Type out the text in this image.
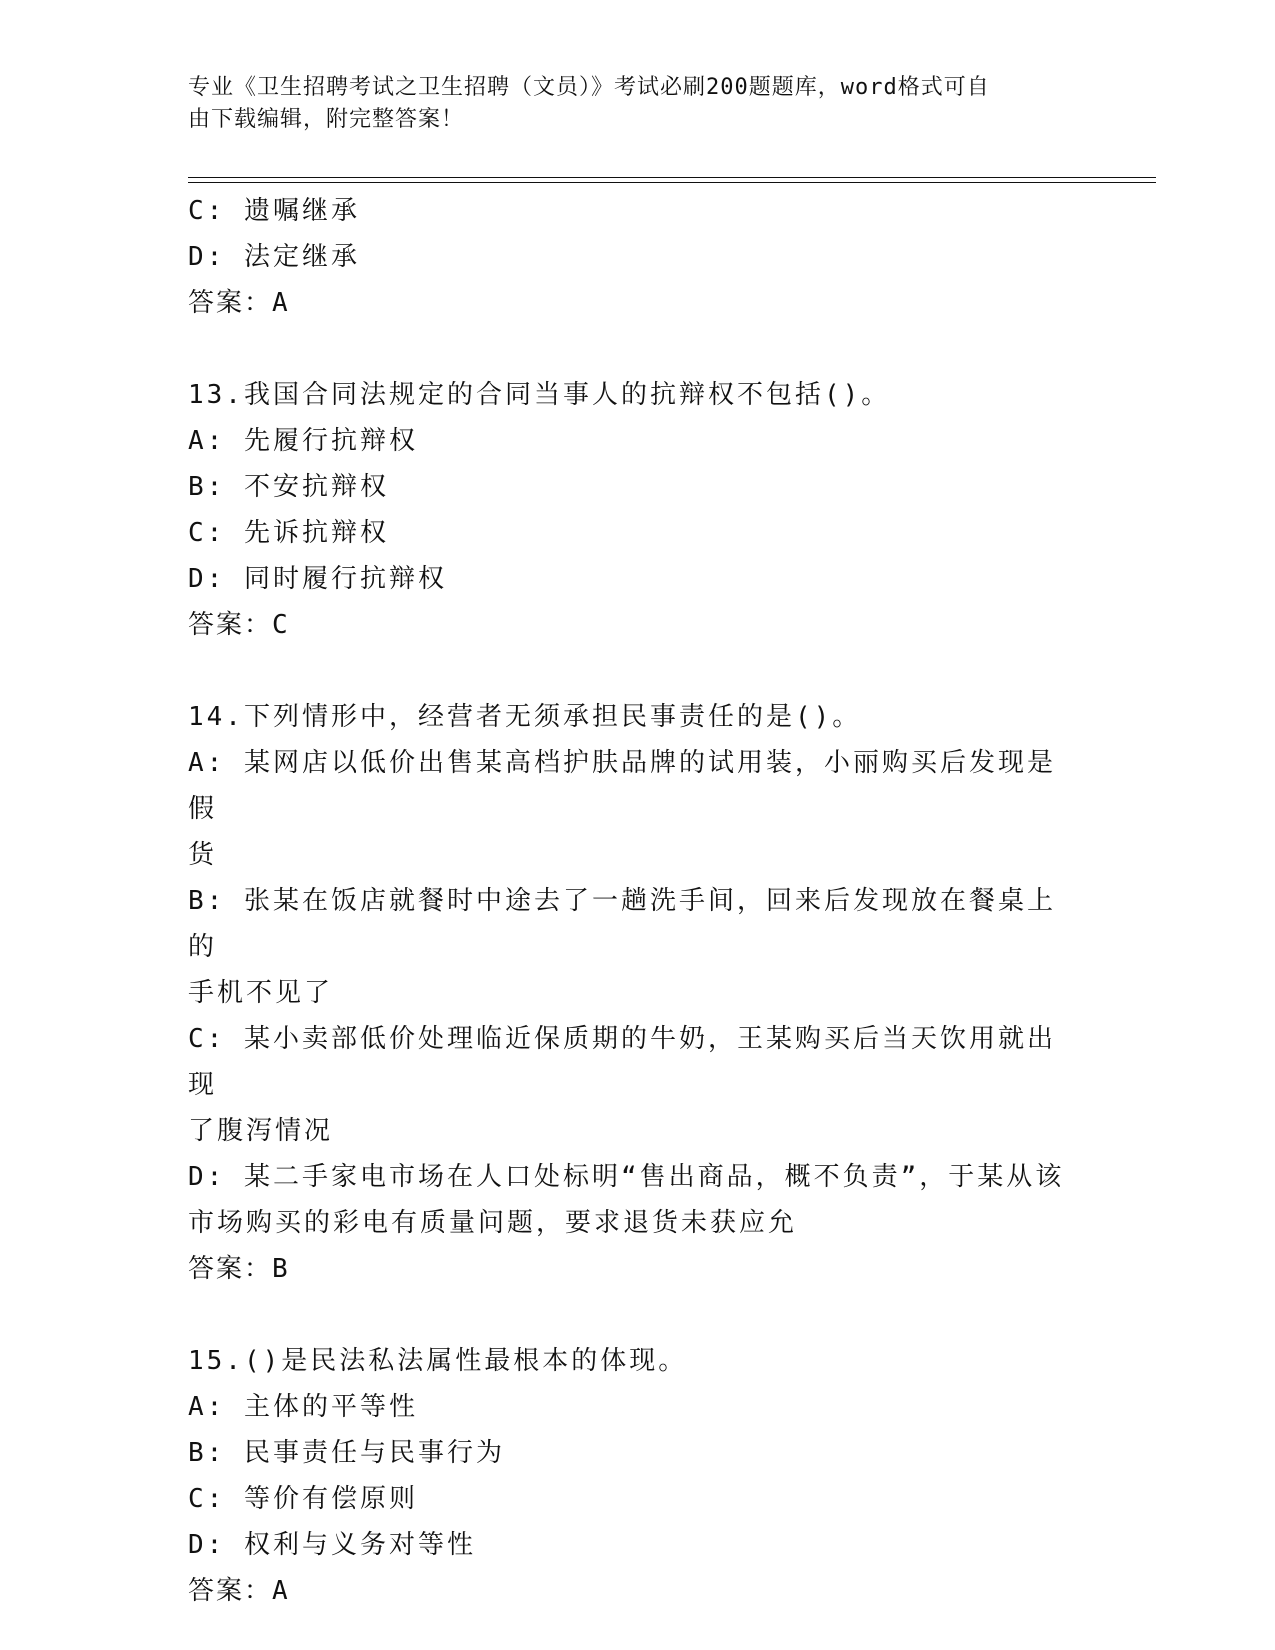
专业《卫生招聘考试之卫生招聘（文员）》考试必刷200题题库，word格式可自
由下载编辑，附完整答案！

C: 遗嘱继承

D: 法定继承

答案：A

13.我国合同法规定的合同当事人的抗辩权不包括()。

A: 先履行抗辩权

B: 不安抗辩权

C: 先诉抗辩权

D: 同时履行抗辩权

答案：C

14.下列情形中，经营者无须承担民事责任的是()。

A: 某网店以低价出售某高档护肤品牌的试用装，小丽购买后发现是假

货

B: 张某在饭店就餐时中途去了一趟洗手间，回来后发现放在餐桌上的

手机不见了

C: 某小卖部低价处理临近保质期的牛奶，王某购买后当天饮用就出现

了腹泻情况

D: 某二手家电市场在人口处标明“售出商品，概不负责”，于某从该

市场购买的彩电有质量问题，要求退货未获应允

答案：B

15.()是民法私法属性最根本的体现。

A: 主体的平等性

B: 民事责任与民事行为

C: 等价有偿原则

D: 权利与义务对等性

答案：A
